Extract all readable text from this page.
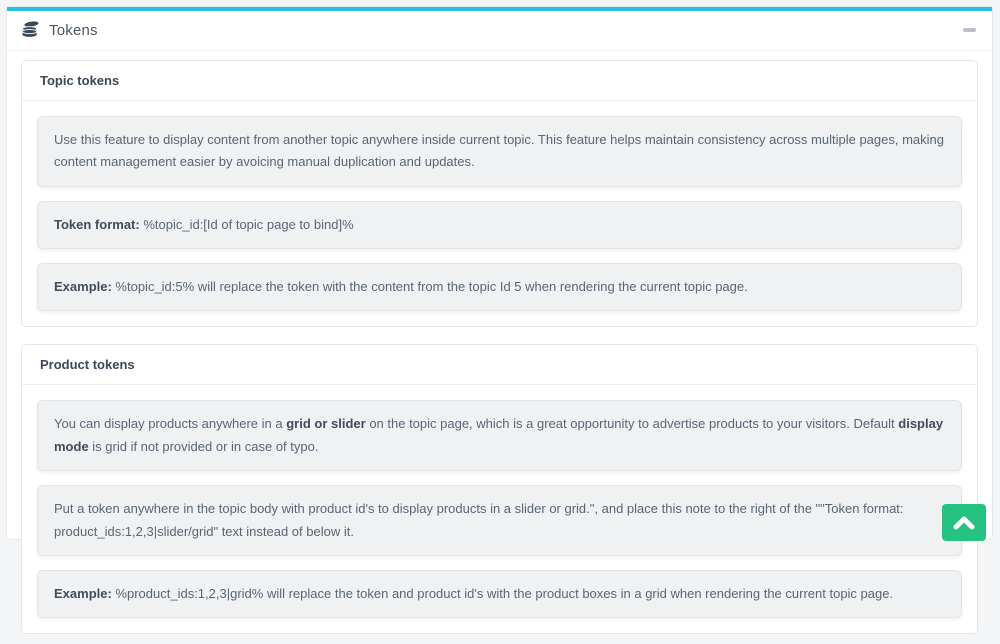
Tokens
Topic tokens
Use this feature to display content from another topic anywhere inside current topic. This feature helps maintain consistency across multiple pages, making content management easier by avoicing manual duplication and updates.
Token format: %topic_id:[Id of topic page to bind]%
Example: %topic_id:5% will replace the token with the content from the topic Id 5 when rendering the current topic page.
Product tokens
You can display products anywhere in a grid or slider on the topic page, which is a great opportunity to advertise products to your visitors. Default display mode is grid if not provided or in case of typo.
Put a token anywhere in the topic body with product id's to display products in a slider or grid.", and place this note to the right of the ""Token format: product_ids:1,2,3|slider/grid" text instead of below it.
Example: %product_ids:1,2,3|grid% will replace the token and product id's with the product boxes in a grid when rendering the current topic page.
